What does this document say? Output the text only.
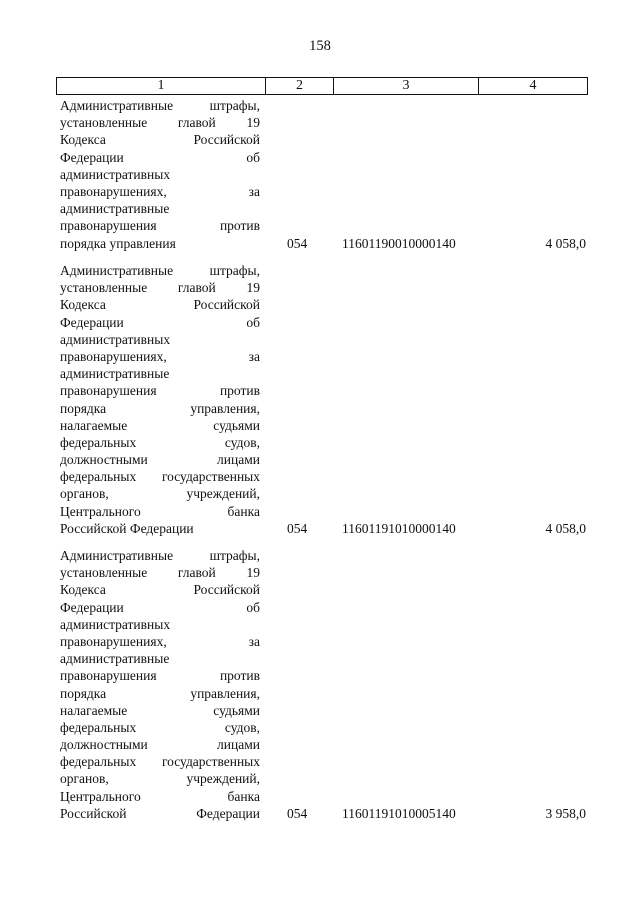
158
1	2	3	4
Административные штрафы,
установленные главой 19
Кодекса Российской
Федерации об
административных
правонарушениях, за
административные
правонарушения против
порядка управления	054	11601190010000140	4 058,0
Административные штрафы,
установленные главой 19
Кодекса Российской
Федерации об
административных
правонарушениях, за
административные
правонарушения против
порядка управления,
налагаемые судьями
федеральных судов,
должностными лицами
федеральных государственных
органов, учреждений,
Центрального банка
Российской Федерации	054	11601191010000140	4 058,0
Административные штрафы,
установленные главой 19
Кодекса Российской
Федерации об
административных
правонарушениях, за
административные
правонарушения против
порядка управления,
налагаемые судьями
федеральных судов,
должностными лицами
федеральных государственных
органов, учреждений,
Центрального банка
Российской Федерации 054	11601191010005140	3 958,0
